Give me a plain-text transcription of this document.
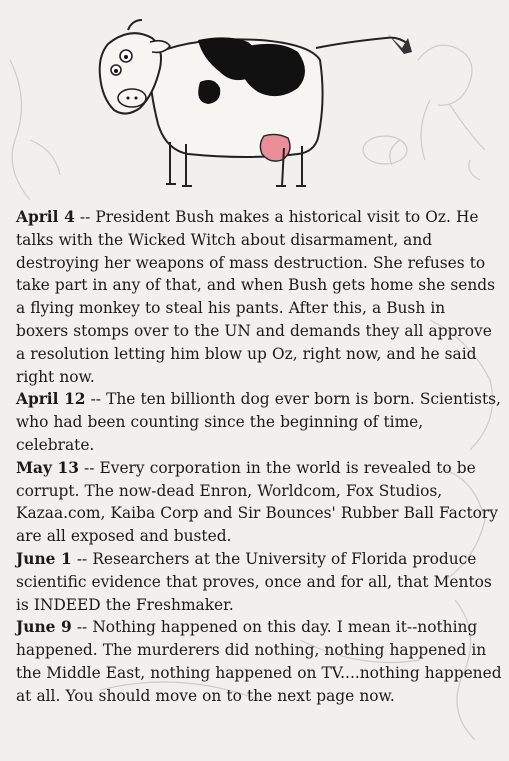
April 4 -- President Bush makes a historical visit to Oz. He talks with the Wicked Witch about disarmament, and destroying her weapons of mass destruction. She refuses to take part in any of that, and when Bush gets home she sends a flying monkey to steal his pants. After this, a Bush in boxers stomps over to the UN and demands they all approve a resolution letting him blow up Oz, right now, and he said right now.

April 12 -- The ten billionth dog ever born is born. Scientists, who had been counting since the beginning of time, celebrate.

May 13 -- Every corporation in the world is revealed to be corrupt. The now-dead Enron, Worldcom, Fox Studios, Kazaa.com, Kaiba Corp and Sir Bounces' Rubber Ball Factory are all exposed and busted.

June 1 -- Researchers at the University of Florida produce scientific evidence that proves, once and for all, that Mentos is INDEED the Freshmaker.

June 9 -- Nothing happened on this day. I mean it--nothing happened. The murderers did nothing, nothing happened in the Middle East, nothing happened on TV....nothing happened at all. You should move on to the next page now.
